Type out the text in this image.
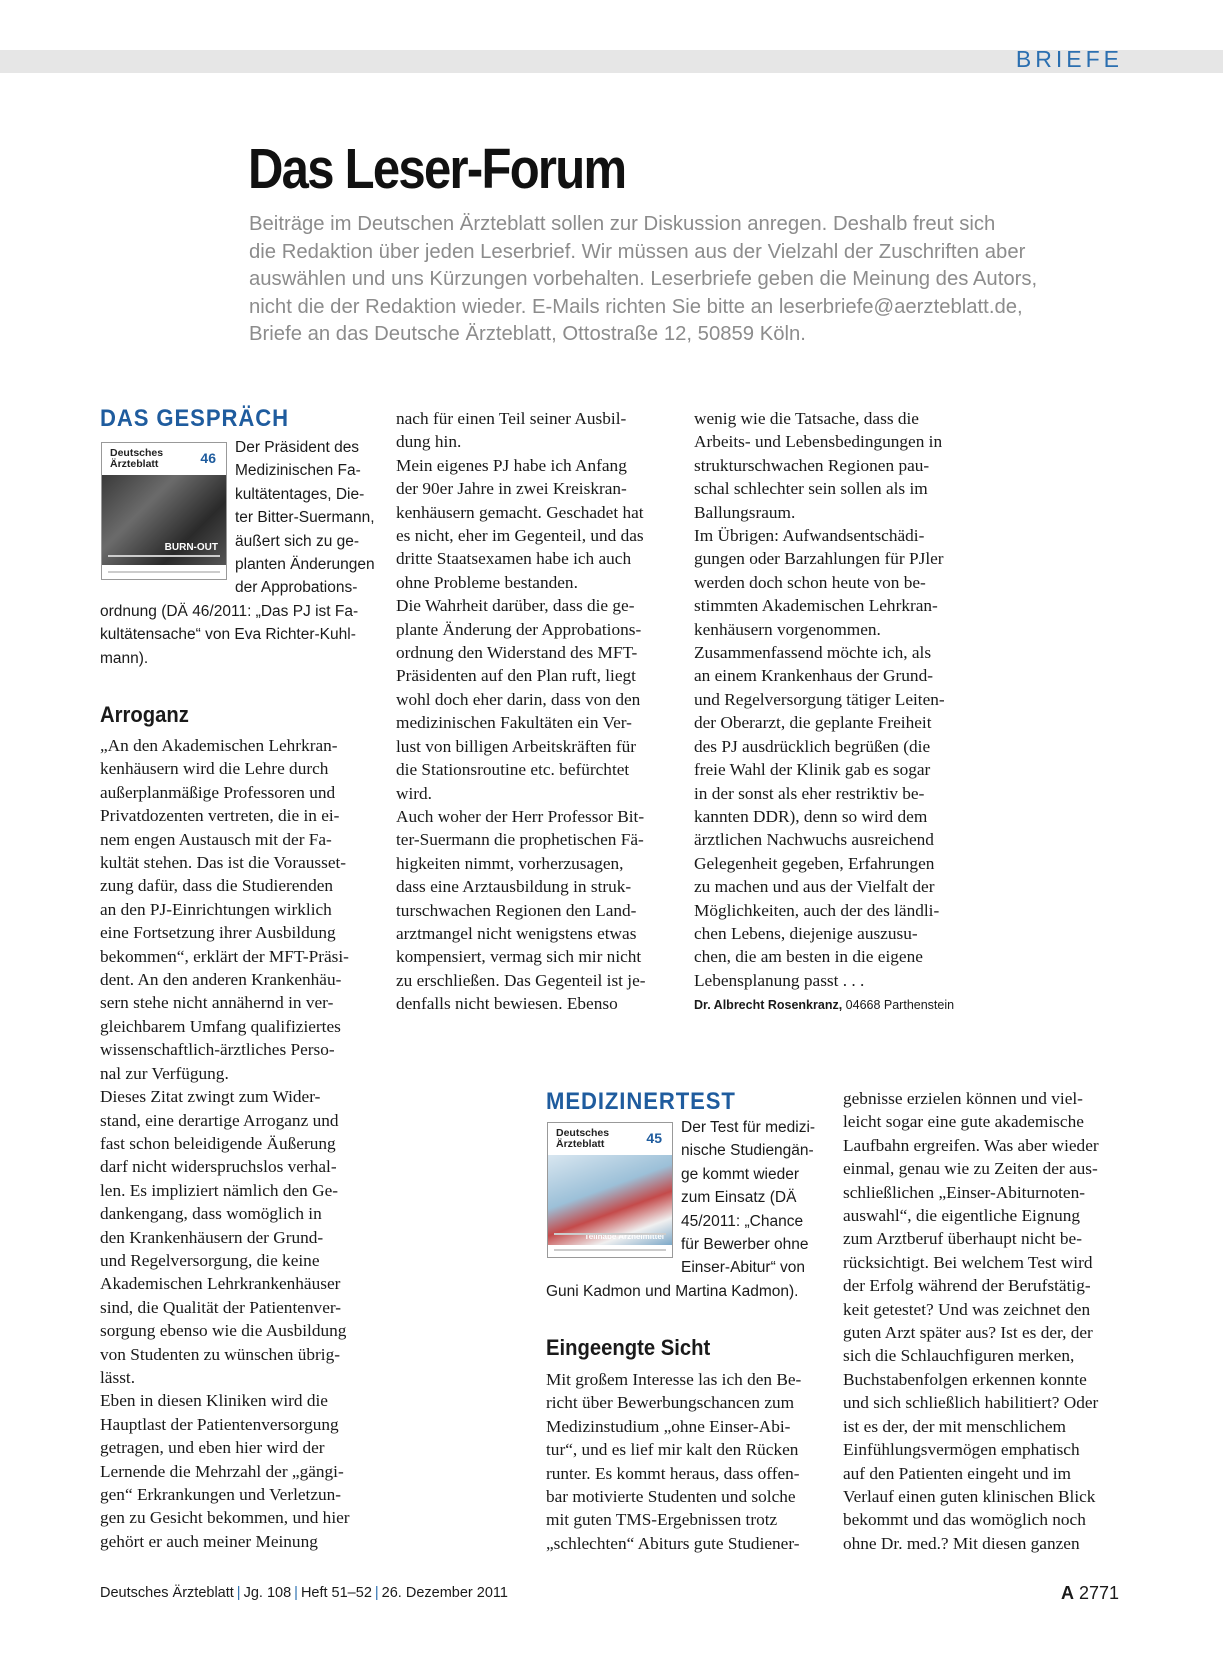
BRIEFE
Das Leser-Forum
Beiträge im Deutschen Ärzteblatt sollen zur Diskussion anregen. Deshalb freut sich
die Redaktion über jeden Leserbrief. Wir müssen aus der Vielzahl der Zuschriften aber
auswählen und uns Kürzungen vorbehalten. Leserbriefe geben die Meinung des Autors,
nicht die der Redaktion wieder. E-Mails richten Sie bitte an leserbriefe@aerzteblatt.de,
Briefe an das Deutsche Ärzteblatt, Ottostraße 12, 50859 Köln.
DAS GESPRÄCH
Deutsches
Ärzteblatt	46
BURN-OUT
Der Präsident des
Medizinischen Fa-
kultätentages, Die-
ter Bitter-Suermann,
äußert sich zu ge-
planten Änderungen
der Approbations-
ordnung (DÄ 46/2011: „Das PJ ist Fa-
kultätensache“ von Eva Richter-Kuhl-
mann).
Arroganz
„An den Akademischen Lehrkran-
kenhäusern wird die Lehre durch
außerplanmäßige Professoren und
Privatdozenten vertreten, die in ei-
nem engen Austausch mit der Fa-
kultät stehen. Das ist die Vorausset-
zung dafür, dass die Studierenden
an den PJ-Einrichtungen wirklich
eine Fortsetzung ihrer Ausbildung
bekommen“, erklärt der MFT-Präsi-
dent. An den anderen Krankenhäu-
sern stehe nicht annähernd in ver-
gleichbarem Umfang qualifiziertes
wissenschaftlich-ärztliches Perso-
nal zur Verfügung.
Dieses Zitat zwingt zum Wider-
stand, eine derartige Arroganz und
fast schon beleidigende Äußerung
darf nicht widerspruchslos verhal-
len. Es impliziert nämlich den Ge-
dankengang, dass womöglich in
den Krankenhäusern der Grund-
und Regelversorgung, die keine
Akademischen Lehrkrankenhäuser
sind, die Qualität der Patientenver-
sorgung ebenso wie die Ausbildung
von Studenten zu wünschen übrig-
lässt.
Eben in diesen Kliniken wird die
Hauptlast der Patientenversorgung
getragen, und eben hier wird der
Lernende die Mehrzahl der „gängi-
gen“ Erkrankungen und Verletzun-
gen zu Gesicht bekommen, und hier
gehört er auch meiner Meinung
nach für einen Teil seiner Ausbil-
dung hin.
Mein eigenes PJ habe ich Anfang
der 90er Jahre in zwei Kreiskran-
kenhäusern gemacht. Geschadet hat
es nicht, eher im Gegenteil, und das
dritte Staatsexamen habe ich auch
ohne Probleme bestanden.
Die Wahrheit darüber, dass die ge-
plante Änderung der Approbations-
ordnung den Widerstand des MFT-
Präsidenten auf den Plan ruft, liegt
wohl doch eher darin, dass von den
medizinischen Fakultäten ein Ver-
lust von billigen Arbeitskräften für
die Stationsroutine etc. befürchtet
wird.
Auch woher der Herr Professor Bit-
ter-Suermann die prophetischen Fä-
higkeiten nimmt, vorherzusagen,
dass eine Arztausbildung in struk-
turschwachen Regionen den Land-
arztmangel nicht wenigstens etwas
kompensiert, vermag sich mir nicht
zu erschließen. Das Gegenteil ist je-
denfalls nicht bewiesen. Ebenso
wenig wie die Tatsache, dass die
Arbeits- und Lebensbedingungen in
strukturschwachen Regionen pau-
schal schlechter sein sollen als im
Ballungsraum.
Im Übrigen: Aufwandsentschädi-
gungen oder Barzahlungen für PJler
werden doch schon heute von be-
stimmten Akademischen Lehrkran-
kenhäusern vorgenommen.
Zusammenfassend möchte ich, als
an einem Krankenhaus der Grund-
und Regelversorgung tätiger Leiten-
der Oberarzt, die geplante Freiheit
des PJ ausdrücklich begrüßen (die
freie Wahl der Klinik gab es sogar
in der sonst als eher restriktiv be-
kannten DDR), denn so wird dem
ärztlichen Nachwuchs ausreichend
Gelegenheit gegeben, Erfahrungen
zu machen und aus der Vielfalt der
Möglichkeiten, auch der des ländli-
chen Lebens, diejenige auszusu-
chen, die am besten in die eigene
Lebensplanung passt . . .
Dr. Albrecht Rosenkranz, 04668 Parthenstein
MEDIZINERTEST
Deutsches
Ärzteblatt	45
Teilhabe Arzneimittel
Der Test für medizi-
nische Studiengän-
ge kommt wieder
zum Einsatz (DÄ
45/2011: „Chance
für Bewerber ohne
Einser-Abitur“ von
Guni Kadmon und Martina Kadmon).
Eingeengte Sicht
Mit großem Interesse las ich den Be-
richt über Bewerbungschancen zum
Medizinstudium „ohne Einser-Abi-
tur“, und es lief mir kalt den Rücken
runter. Es kommt heraus, dass offen-
bar motivierte Studenten und solche
mit guten TMS-Ergebnissen trotz
„schlechten“ Abiturs gute Studiener-
gebnisse erzielen können und viel-
leicht sogar eine gute akademische
Laufbahn ergreifen. Was aber wieder
einmal, genau wie zu Zeiten der aus-
schließlichen „Einser-Abiturnoten-
auswahl“, die eigentliche Eignung
zum Arztberuf überhaupt nicht be-
rücksichtigt. Bei welchem Test wird
der Erfolg während der Berufstätig-
keit getestet? Und was zeichnet den
guten Arzt später aus? Ist es der, der
sich die Schlauchfiguren merken,
Buchstabenfolgen erkennen konnte
und sich schließlich habilitiert? Oder
ist es der, der mit menschlichem
Einfühlungsvermögen emphatisch
auf den Patienten eingeht und im
Verlauf einen guten klinischen Blick
bekommt und das womöglich noch
ohne Dr. med.? Mit diesen ganzen
Deutsches Ärzteblatt | Jg. 108 | Heft 51–52 | 26. Dezember 2011	A 2771
